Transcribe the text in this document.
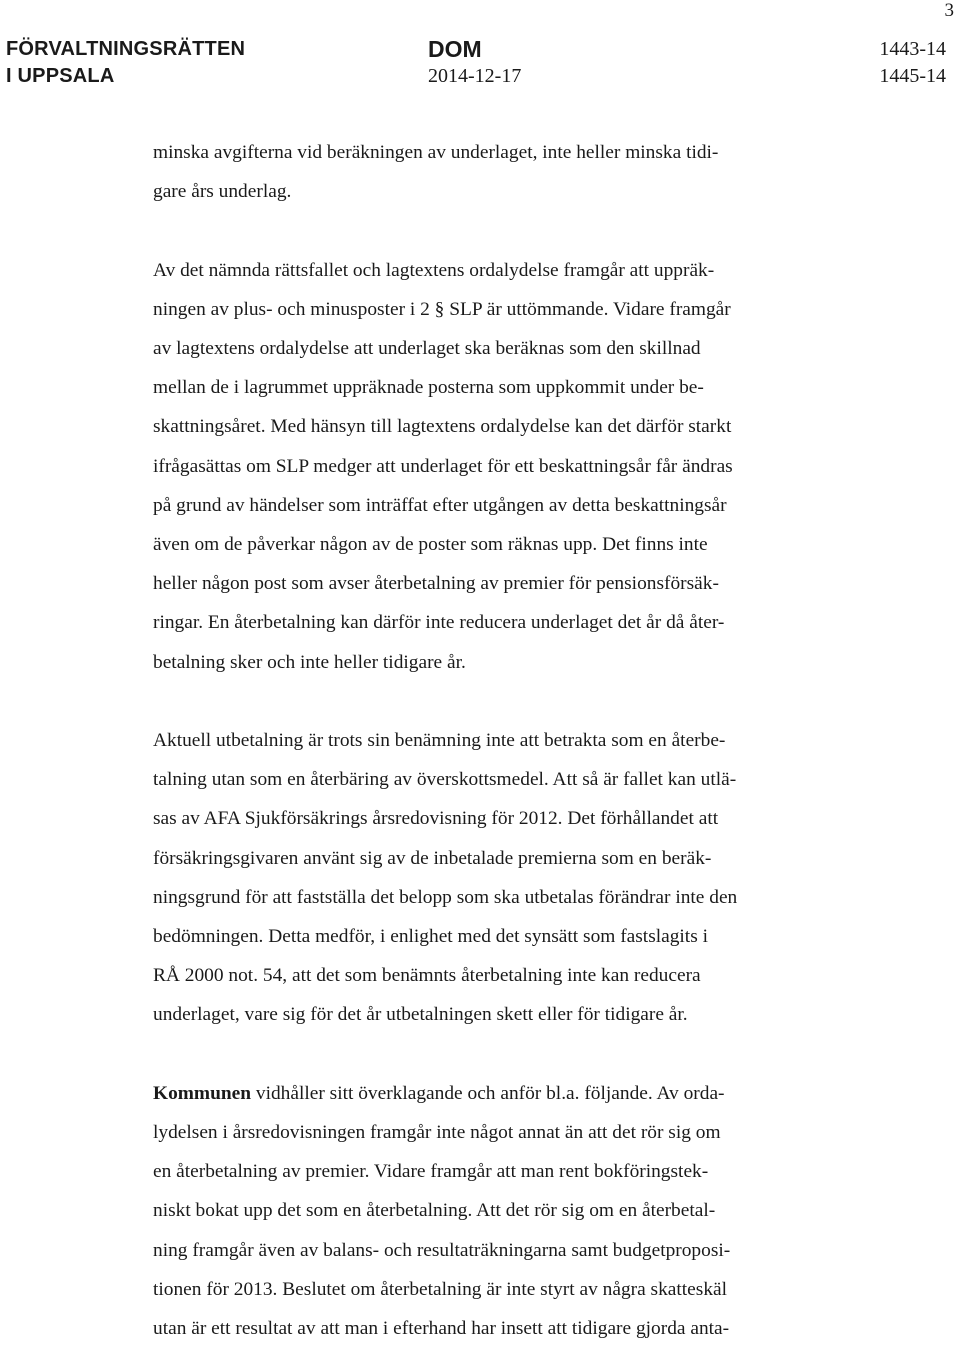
3
FÖRVALTNINGSRÄTTEN
I UPPSALA
DOM
2014-12-17
1443-14
1445-14
minska avgifterna vid beräkningen av underlaget, inte heller minska tidi-
gare års underlag.
Av det nämnda rättsfallet och lagtextens ordalydelse framgår att uppräk-
ningen av plus- och minusposter i 2 § SLP är uttömmande. Vidare framgår
av lagtextens ordalydelse att underlaget ska beräknas som den skillnad
mellan de i lagrummet uppräknade posterna som uppkommit under be-
skattningsåret. Med hänsyn till lagtextens ordalydelse kan det därför starkt
ifrågasättas om SLP medger att underlaget för ett beskattningsår får ändras
på grund av händelser som inträffat efter utgången av detta beskattningsår
även om de påverkar någon av de poster som räknas upp. Det finns inte
heller någon post som avser återbetalning av premier för pensionsförsäk-
ringar. En återbetalning kan därför inte reducera underlaget det år då åter-
betalning sker och inte heller tidigare år.
Aktuell utbetalning är trots sin benämning inte att betrakta som en återbe-
talning utan som en återbäring av överskottsmedel. Att så är fallet kan utlä-
sas av AFA Sjukförsäkrings årsredovisning för 2012. Det förhållandet att
försäkringsgivaren använt sig av de inbetalade premierna som en beräk-
ningsgrund för att fastställa det belopp som ska utbetalas förändrar inte den
bedömningen. Detta medför, i enlighet med det synsätt som fastslagits i
RÅ 2000 not. 54, att det som benämnts återbetalning inte kan reducera
underlaget, vare sig för det år utbetalningen skett eller för tidigare år.
Kommunen vidhåller sitt överklagande och anför bl.a. följande. Av orda-
lydelsen i årsredovisningen framgår inte något annat än att det rör sig om
en återbetalning av premier. Vidare framgår att man rent bokföringstek-
niskt bokat upp det som en återbetalning. Att det rör sig om en återbetal-
ning framgår även av balans- och resultaträkningarna samt budgetproposi-
tionen för 2013. Beslutet om återbetalning är inte styrt av några skatteskäl
utan är ett resultat av att man i efterhand har insett att tidigare gjorda anta-
